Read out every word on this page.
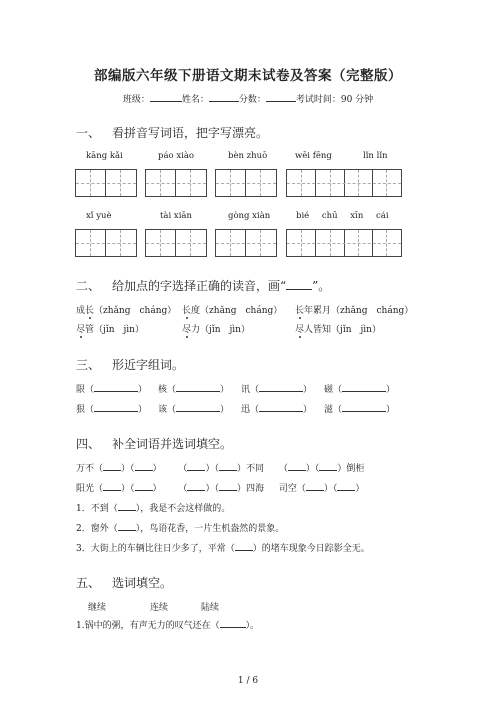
部编版六年级下册语文期末试卷及答案（完整版）
班级：	姓名：	分数：	考试时间：90 分钟
一、 看拼音写词语，把字写漂亮。
kāng kǎi	páo xiào	bèn zhuō	wēi fēng	lǐn lǐn
xǐ yuè	tài xiān	gòng xiàn	bié chū xīn cái
二、 给加点的字选择正确的读音，画“ ”。
成长（zhǎng　cháng） 长度（zhǎng　cháng） 长年累月（zhǎng　cháng）
尽管（jǐn　jìn）	尽力（jǐn　jìn）	尽人皆知（jǐn　jìn）
三、 形近字组词。
限（	） 核（	） 讯（	） 磁（	）
狠（	） 该（	） 迅（	） 滋（	）
四、 补全词语并选词填空。
万不（ ）（ ） （ ）（ ）不同 （ ）（ ）倒柜
阳光（ ）（ ） （ ）（ ）四海 司空（ ）（ ）
1．不到（ ），我是不会这样做的。
2．窗外（ ），鸟语花香，一片生机盎然的景象。
3．大街上的车辆比往日少多了，平常（ ）的堵车现象今日踪影全无。
五、 选词填空。
继续	连续	陆续
1.锅中的粥，有声无力的叹气还在（	）。
1 / 6
